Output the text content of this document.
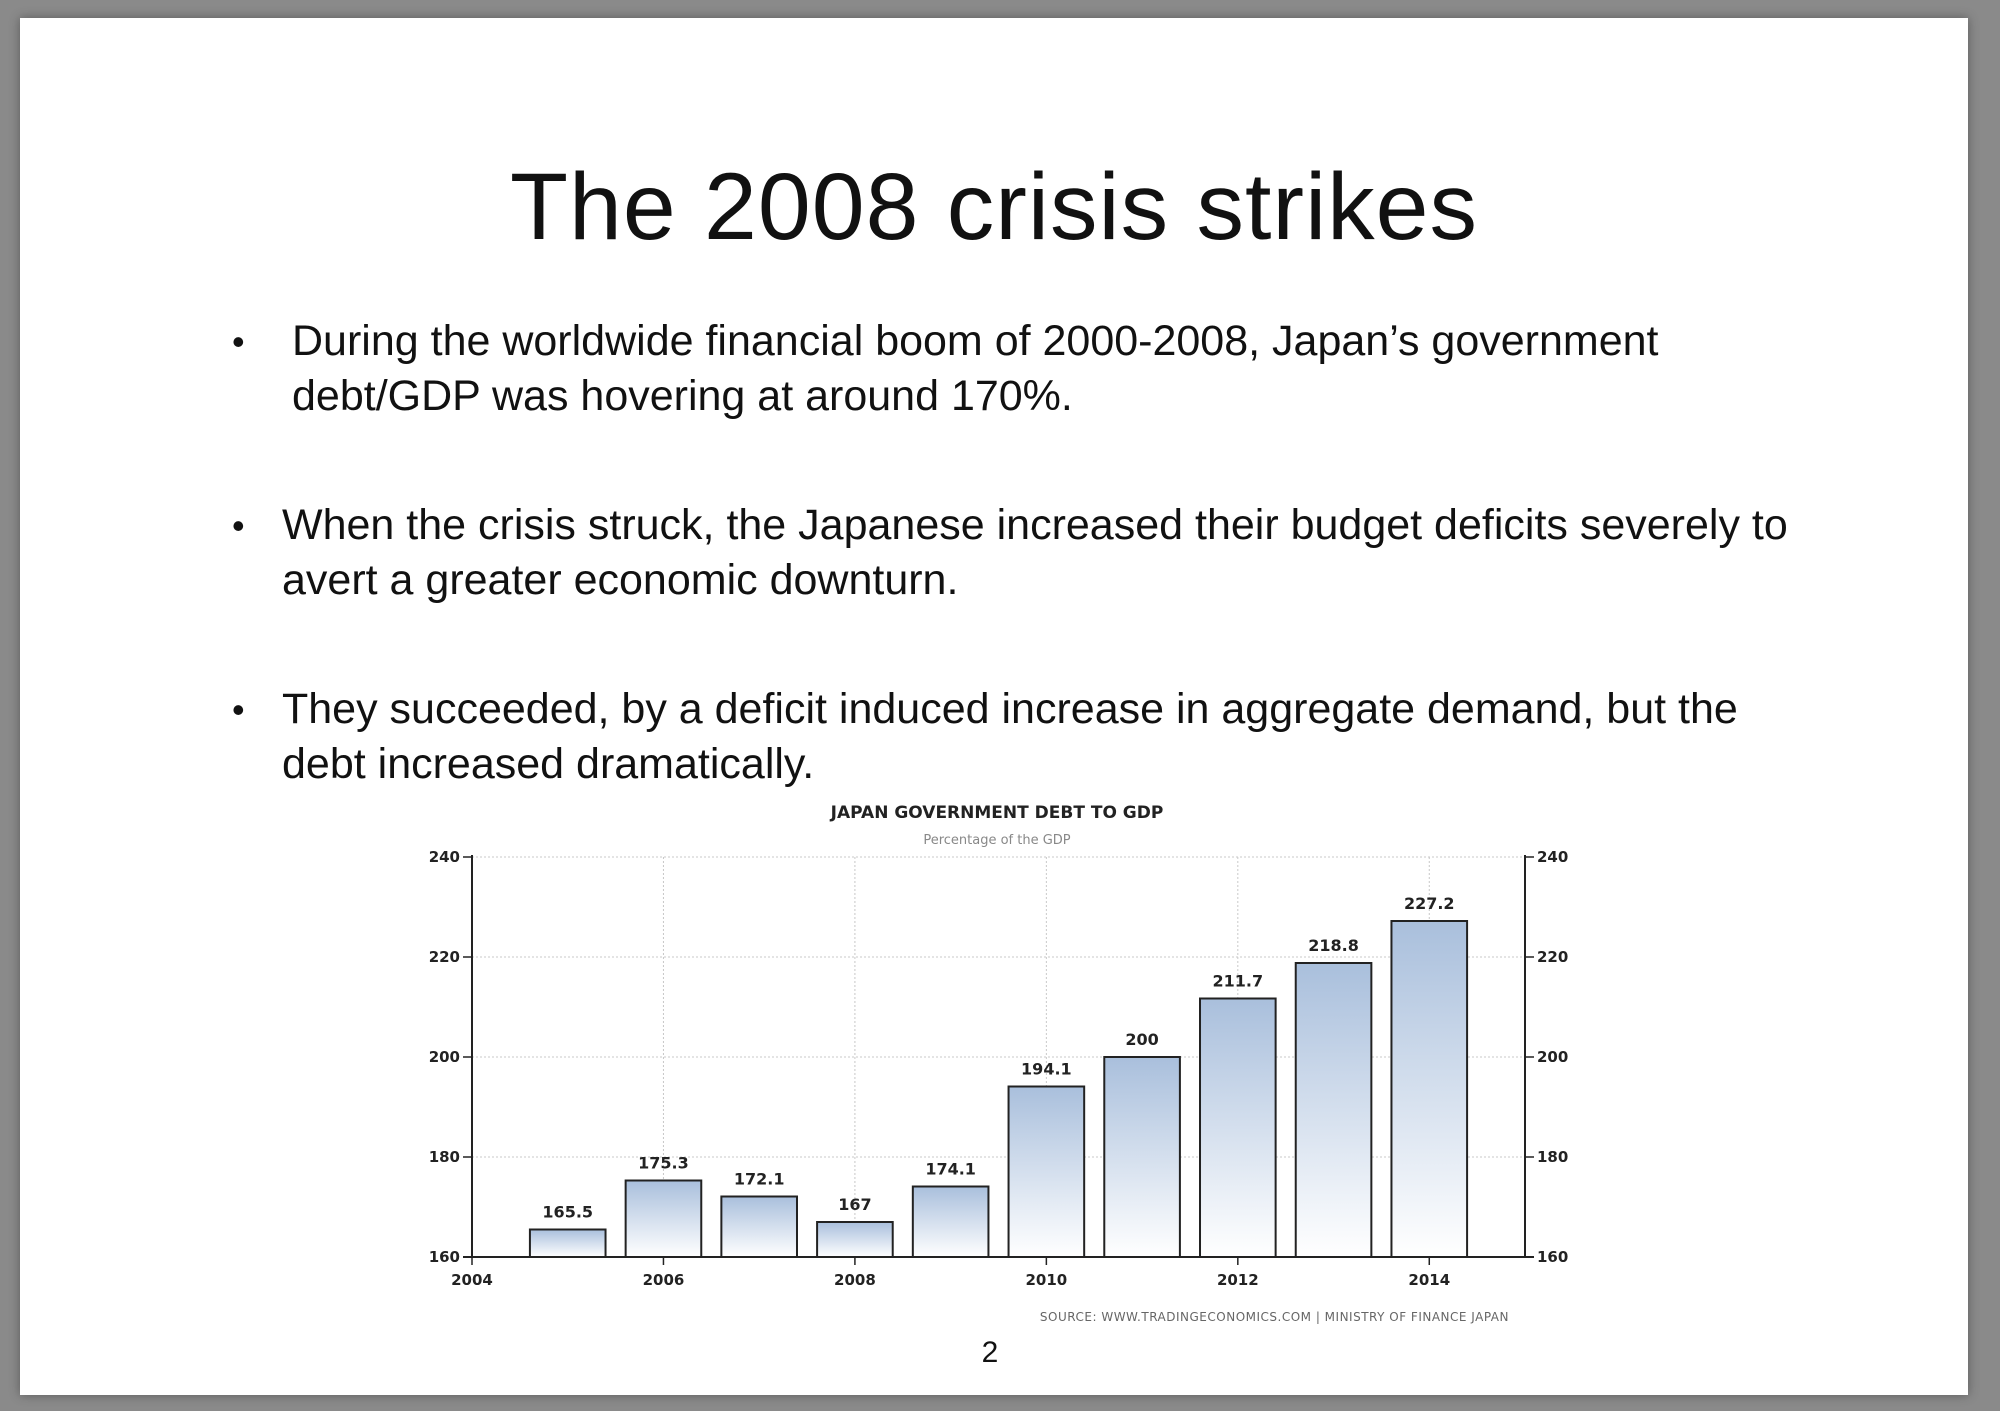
The 2008 crisis strikes
• During the worldwide financial boom of 2000-2008, Japan’s government debt/GDP was hovering at around 170%.
• When the crisis struck, the Japanese increased their budget deficits severely to avert a greater economic downturn.
• They succeeded, by a deficit induced increase in aggregate demand, but the debt increased dramatically.
JAPAN GOVERNMENT DEBT TO GDP
Percentage of the GDP
160	160
180	180
200	200
220	220
240	240
2004	2006	2008	2010	2012	2014
165.5
175.3
172.1
167
174.1
194.1
200
211.7
218.8
227.2
SOURCE: WWW.TRADINGECONOMICS.COM | MINISTRY OF FINANCE JAPAN
2
